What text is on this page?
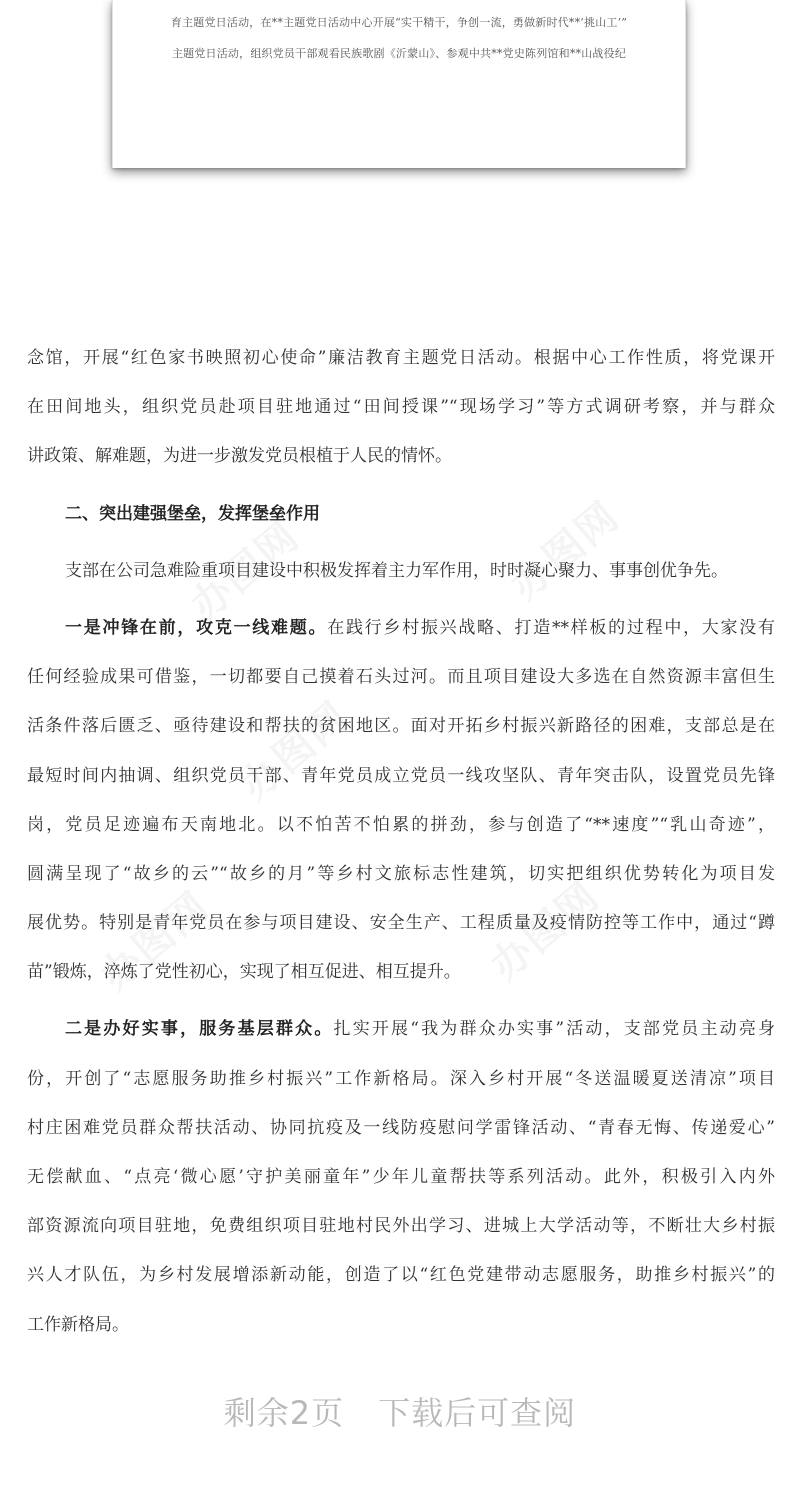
育主题党日活动，在**主题党日活动中心开展“实干精干，争创一流，勇做新时代**‘挑山工’”
主题党日活动，组织党员干部观看民族歌剧《沂蒙山》、参观中共**党史陈列馆和**山战役纪
办图网	办图网
办图网
办图网	办图网
念馆，开展“红色家书映照初心使命”廉洁教育主题党日活动。根据中心工作性质，将党课开
在田间地头，组织党员赴项目驻地通过“田间授课”“现场学习”等方式调研考察，并与群众
讲政策、解难题，为进一步激发党员根植于人民的情怀。
二、突出建强堡垒，发挥堡垒作用
支部在公司急难险重项目建设中积极发挥着主力军作用，时时凝心聚力、事事创优争先。
一是冲锋在前，攻克一线难题。在践行乡村振兴战略、打造**样板的过程中，大家没有
任何经验成果可借鉴，一切都要自己摸着石头过河。而且项目建设大多选在自然资源丰富但生
活条件落后匮乏、亟待建设和帮扶的贫困地区。面对开拓乡村振兴新路径的困难，支部总是在
最短时间内抽调、组织党员干部、青年党员成立党员一线攻坚队、青年突击队，设置党员先锋
岗，党员足迹遍布天南地北。以不怕苦不怕累的拼劲，参与创造了“**速度”“乳山奇迹”，
圆满呈现了“故乡的云”“故乡的月”等乡村文旅标志性建筑，切实把组织优势转化为项目发
展优势。特别是青年党员在参与项目建设、安全生产、工程质量及疫情防控等工作中，通过“蹲
苗”锻炼，淬炼了党性初心，实现了相互促进、相互提升。
二是办好实事，服务基层群众。扎实开展“我为群众办实事”活动，支部党员主动亮身
份，开创了“志愿服务助推乡村振兴”工作新格局。深入乡村开展“冬送温暖夏送清凉”项目
村庄困难党员群众帮扶活动、协同抗疫及一线防疫慰问学雷锋活动、“青春无悔、传递爱心”
无偿献血、“点亮‘微心愿’守护美丽童年”少年儿童帮扶等系列活动。此外，积极引入内外
部资源流向项目驻地，免费组织项目驻地村民外出学习、进城上大学活动等，不断壮大乡村振
兴人才队伍，为乡村发展增添新动能，创造了以“红色党建带动志愿服务，助推乡村振兴”的
工作新格局。
剩余2页 下载后可查阅
